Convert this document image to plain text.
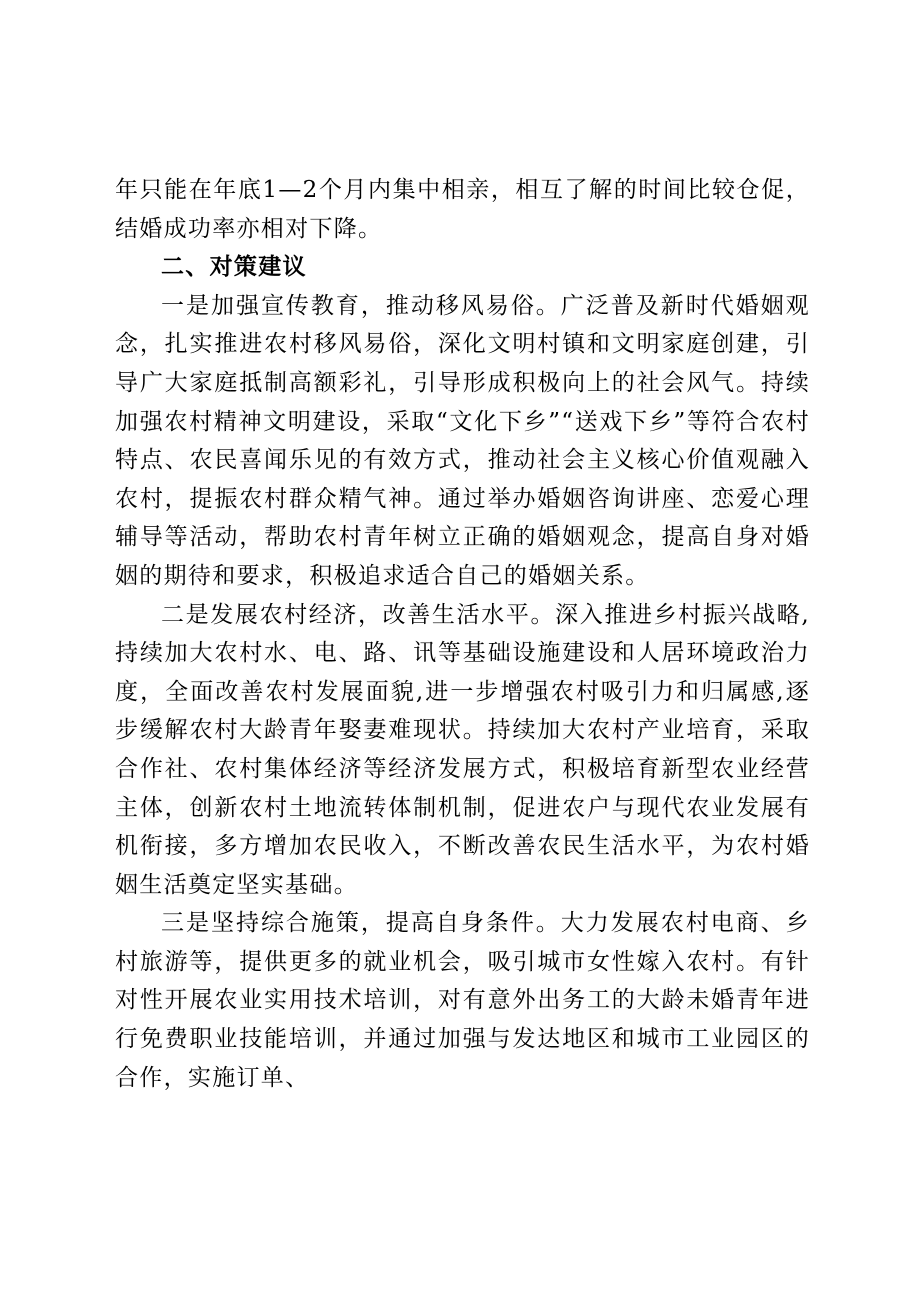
年只能在年底1—2个月内集中相亲，相互了解的时间比较仓促，结婚成功率亦相对下降。

二、对策建议

一是加强宣传教育，推动移风易俗。广泛普及新时代婚姻观念，扎实推进农村移风易俗，深化文明村镇和文明家庭创建，引导广大家庭抵制高额彩礼，引导形成积极向上的社会风气。持续加强农村精神文明建设，采取“文化下乡”“送戏下乡”等符合农村特点、农民喜闻乐见的有效方式，推动社会主义核心价值观融入农村，提振农村群众精气神。通过举办婚姻咨询讲座、恋爱心理辅导等活动，帮助农村青年树立正确的婚姻观念，提高自身对婚姻的期待和要求，积极追求适合自己的婚姻关系。

二是发展农村经济，改善生活水平。深入推进乡村振兴战略,持续加大农村水、电、路、讯等基础设施建设和人居环境政治力度，全面改善农村发展面貌,进一步增强农村吸引力和归属感,逐步缓解农村大龄青年娶妻难现状。持续加大农村产业培育，采取合作社、农村集体经济等经济发展方式，积极培育新型农业经营主体，创新农村土地流转体制机制，促进农户与现代农业发展有机衔接，多方增加农民收入，不断改善农民生活水平，为农村婚姻生活奠定坚实基础。

三是坚持综合施策，提高自身条件。大力发展农村电商、乡村旅游等，提供更多的就业机会，吸引城市女性嫁入农村。有针对性开展农业实用技术培训，对有意外出务工的大龄未婚青年进行免费职业技能培训，并通过加强与发达地区和城市工业园区的合作，实施订单、
